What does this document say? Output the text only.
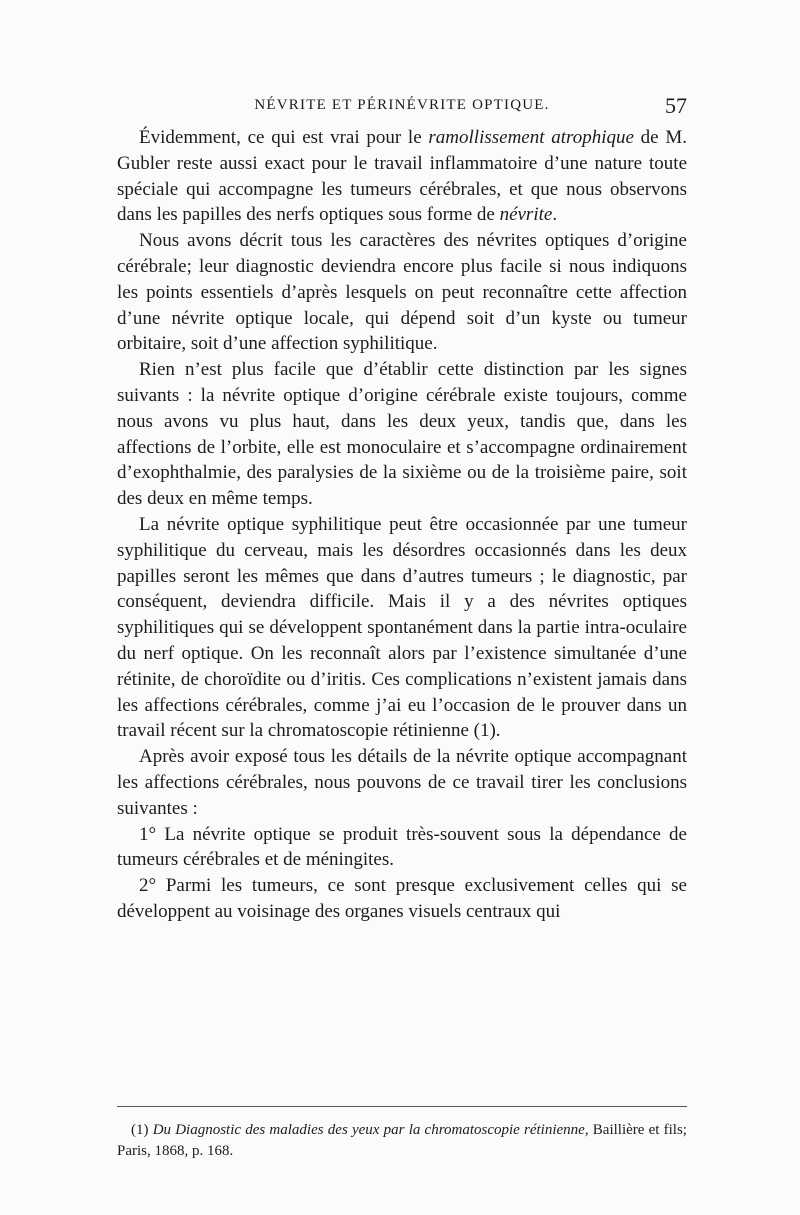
NÉVRITE ET PÉRINÉVRITE OPTIQUE.	57

Évidemment, ce qui est vrai pour le ramollissement atrophique de M. Gubler reste aussi exact pour le travail inflammatoire d’une nature toute spéciale qui accompagne les tumeurs cérébrales, et que nous observons dans les papilles des nerfs optiques sous forme de névrite.

Nous avons décrit tous les caractères des névrites optiques d’origine cérébrale; leur diagnostic deviendra encore plus facile si nous indiquons les points essentiels d’après lesquels on peut reconnaître cette affection d’une névrite optique locale, qui dépend soit d’un kyste ou tumeur orbitaire, soit d’une affection syphilitique.

Rien n’est plus facile que d’établir cette distinction par les signes suivants : la névrite optique d’origine cérébrale existe toujours, comme nous avons vu plus haut, dans les deux yeux, tandis que, dans les affections de l’orbite, elle est monoculaire et s’accompagne ordinairement d’exophthalmie, des paralysies de la sixième ou de la troisième paire, soit des deux en même temps.

La névrite optique syphilitique peut être occasionnée par une tumeur syphilitique du cerveau, mais les désordres occasionnés dans les deux papilles seront les mêmes que dans d’autres tumeurs ; le diagnostic, par conséquent, deviendra difficile. Mais il y a des névrites optiques syphilitiques qui se développent spontanément dans la partie intra-oculaire du nerf optique. On les reconnaît alors par l’existence simultanée d’une rétinite, de choroïdite ou d’iritis. Ces complications n’existent jamais dans les affections cérébrales, comme j’ai eu l’occasion de le prouver dans un travail récent sur la chromatoscopie rétinienne (1).

Après avoir exposé tous les détails de la névrite optique accompagnant les affections cérébrales, nous pouvons de ce travail tirer les conclusions suivantes :

1° La névrite optique se produit très-souvent sous la dépendance de tumeurs cérébrales et de méningites.

2° Parmi les tumeurs, ce sont presque exclusivement celles qui se développent au voisinage des organes visuels centraux qui

(1) Du Diagnostic des maladies des yeux par la chromatoscopie rétinienne, Baillière et fils; Paris, 1868, p. 168.
